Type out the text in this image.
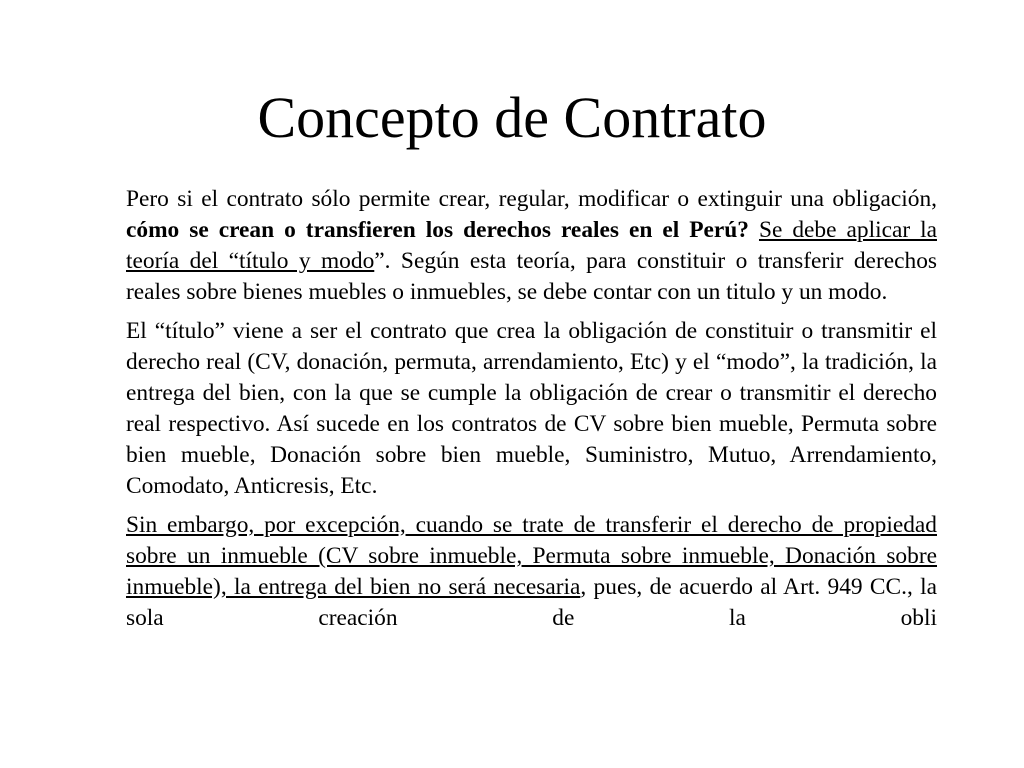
Concepto de Contrato

Pero si el contrato sólo permite crear, regular, modificar o extinguir una obligación, cómo se crean o transfieren los derechos reales en el Perú? Se debe aplicar la teoría del “título y modo”. Según esta teoría, para constituir o transferir derechos reales sobre bienes muebles o inmuebles, se debe contar con un titulo y un modo.

El “título” viene a ser el contrato que crea la obligación de constituir o transmitir el derecho real (CV, donación, permuta, arrendamiento, Etc) y el “modo”, la tradición, la entrega del bien, con la que se cumple la obligación de crear o transmitir el derecho real respectivo. Así sucede en los contratos de CV sobre bien mueble, Permuta sobre bien mueble, Donación sobre bien mueble, Suministro, Mutuo, Arrendamiento, Comodato, Anticresis, Etc.

Sin embargo, por excepción, cuando se trate de transferir el derecho de propiedad sobre un inmueble (CV sobre inmueble, Permuta sobre inmueble, Donación sobre inmueble), la entrega del bien no será necesaria, pues, de acuerdo al Art. 949 CC., la sola creación de la obli
